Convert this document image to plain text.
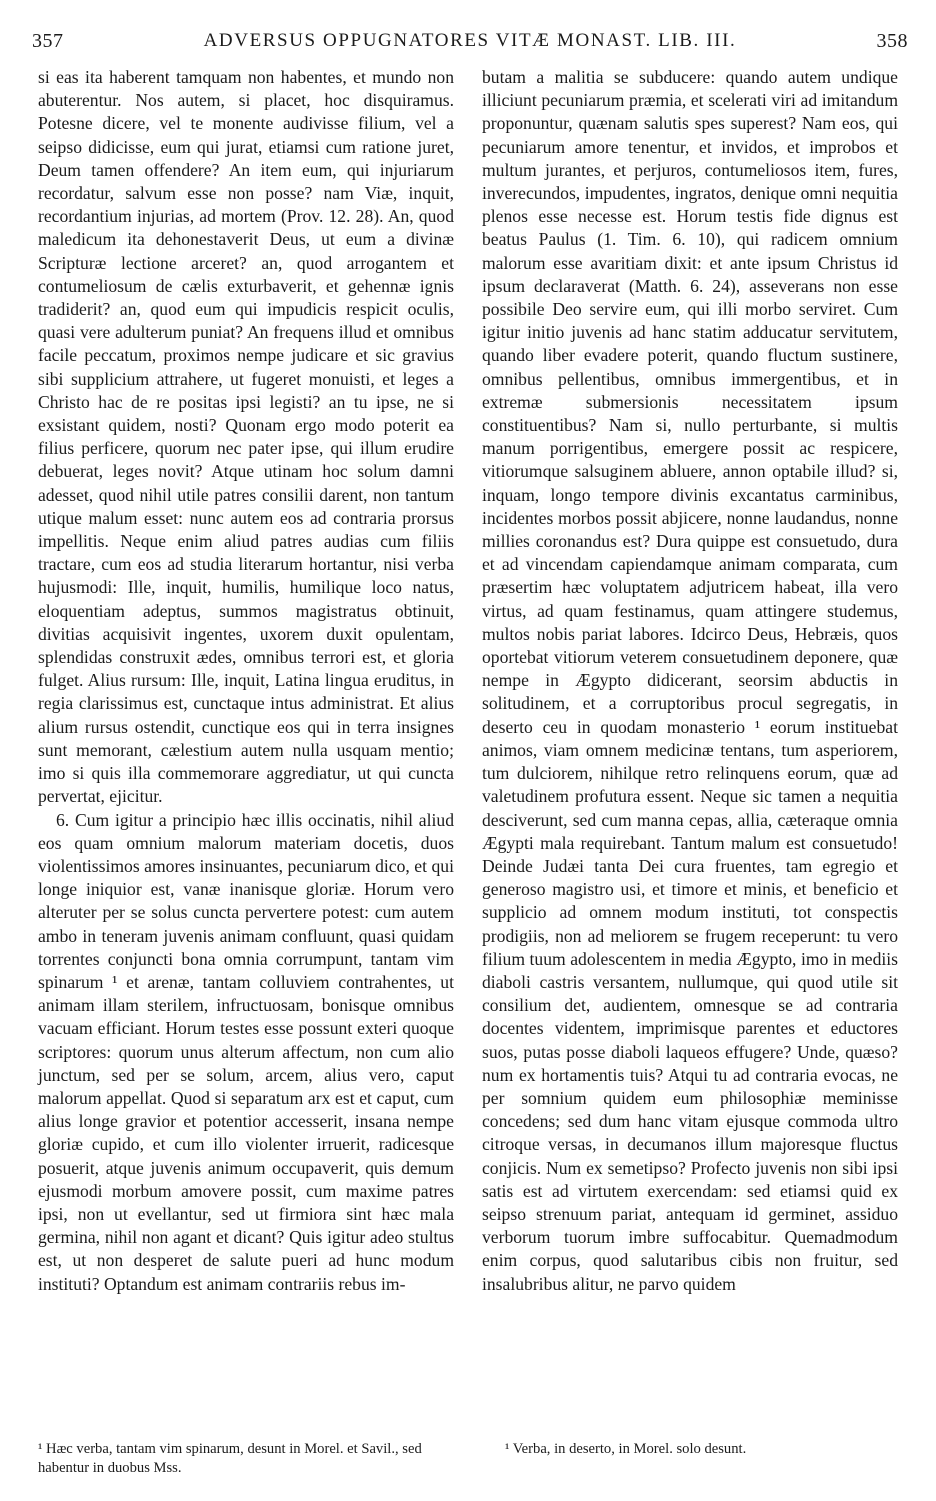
357	ADVERSUS OPPUGNATORES VITÆ MONAST. LIB. III.	358

si eas ita haberent tamquam non habentes, et mundo non abuterentur. Nos autem, si placet, hoc disquiramus. Potesne dicere, vel te monente audivisse filium, vel a seipso didicisse, eum qui jurat, etiamsi cum ratione juret, Deum tamen offendere? An item eum, qui injuriarum recordatur, salvum esse non posse? nam Viæ, inquit, recordantium injurias, ad mortem (Prov. 12. 28). An, quod maledicum ita dehonestaverit Deus, ut eum a divinæ Scripturæ lectione arceret? an, quod arrogantem et contumeliosum de cælis exturbaverit, et gehennæ ignis tradiderit? an, quod eum qui impudicis respicit oculis, quasi vere adulterum puniat? An frequens illud et omnibus facile peccatum, proximos nempe judicare et sic gravius sibi supplicium attrahere, ut fugeret monuisti, et leges a Christo hac de re positas ipsi legisti? an tu ipse, ne si exsistant quidem, nosti? Quonam ergo modo poterit ea filius perficere, quorum nec pater ipse, qui illum erudire debuerat, leges novit? Atque utinam hoc solum damni adesset, quod nihil utile patres consilii darent, non tantum utique malum esset: nunc autem eos ad contraria prorsus impellitis. Neque enim aliud patres audias cum filiis tractare, cum eos ad studia literarum hortantur, nisi verba hujusmodi: Ille, inquit, humilis, humilique loco natus, eloquentiam adeptus, summos magistratus obtinuit, divitias acquisivit ingentes, uxorem duxit opulentam, splendidas construxit ædes, omnibus terrori est, et gloria fulget. Alius rursum: Ille, inquit, Latina lingua eruditus, in regia clarissimus est, cunctaque intus administrat. Et alius alium rursus ostendit, cunctique eos qui in terra insignes sunt memorant, cælestium autem nulla usquam mentio; imo si quis illa commemorare aggrediatur, ut qui cuncta pervertat, ejicitur.

6. Cum igitur a principio hæc illis occinatis, nihil aliud eos quam omnium malorum materiam docetis, duos violentissimos amores insinuantes, pecuniarum dico, et qui longe iniquior est, vanæ inanisque gloriæ. Horum vero alteruter per se solus cuncta pervertere potest: cum autem ambo in teneram juvenis animam confluunt, quasi quidam torrentes conjuncti bona omnia corrumpunt, tantam vim spinarum ¹ et arenæ, tantam colluviem contrahentes, ut animam illam sterilem, infructuosam, bonisque omnibus vacuam efficiant. Horum testes esse possunt exteri quoque scriptores: quorum unus alterum affectum, non cum alio junctum, sed per se solum, arcem, alius vero, caput malorum appellat. Quod si separatum arx est et caput, cum alius longe gravior et potentior accesserit, insana nempe gloriæ cupido, et cum illo violenter irruerit, radicesque posuerit, atque juvenis animum occupaverit, quis demum ejusmodi morbum amovere possit, cum maxime patres ipsi, non ut evellantur, sed ut firmiora sint hæc mala germina, nihil non agant et dicant? Quis igitur adeo stultus est, ut non desperet de salute pueri ad hunc modum instituti? Optandum est animam contrariis rebus im-

butam a malitia se subducere: quando autem undique illiciunt pecuniarum præmia, et scelerati viri ad imitandum proponuntur, quænam salutis spes superest? Nam eos, qui pecuniarum amore tenentur, et invidos, et improbos et multum jurantes, et perjuros, contumeliosos item, fures, inverecundos, impudentes, ingratos, denique omni nequitia plenos esse necesse est. Horum testis fide dignus est beatus Paulus (1. Tim. 6. 10), qui radicem omnium malorum esse avaritiam dixit: et ante ipsum Christus id ipsum declaraverat (Matth. 6. 24), asseverans non esse possibile Deo servire eum, qui illi morbo serviret. Cum igitur initio juvenis ad hanc statim adducatur servitutem, quando liber evadere poterit, quando fluctum sustinere, omnibus pellentibus, omnibus immergentibus, et in extremæ submersionis necessitatem ipsum constituentibus? Nam si, nullo perturbante, si multis manum porrigentibus, emergere possit ac respicere, vitiorumque salsuginem abluere, annon optabile illud? si, inquam, longo tempore divinis excantatus carminibus, incidentes morbos possit abjicere, nonne laudandus, nonne millies coronandus est? Dura quippe est consuetudo, dura et ad vincendam capiendamque animam comparata, cum præsertim hæc voluptatem adjutricem habeat, illa vero virtus, ad quam festinamus, quam attingere studemus, multos nobis pariat labores. Idcirco Deus, Hebræis, quos oportebat vitiorum veterem consuetudinem deponere, quæ nempe in Ægypto didicerant, seorsim abductis in solitudinem, et a corruptoribus procul segregatis, in deserto ceu in quodam monasterio ¹ eorum instituebat animos, viam omnem medicinæ tentans, tum asperiorem, tum dulciorem, nihilque retro relinquens eorum, quæ ad valetudinem profutura essent. Neque sic tamen a nequitia desciverunt, sed cum manna cepas, allia, cæteraque omnia Ægypti mala requirebant. Tantum malum est consuetudo! Deinde Judæi tanta Dei cura fruentes, tam egregio et generoso magistro usi, et timore et minis, et beneficio et supplicio ad omnem modum instituti, tot conspectis prodigiis, non ad meliorem se frugem receperunt: tu vero filium tuum adolescentem in media Ægypto, imo in mediis diaboli castris versantem, nullumque, qui quod utile sit consilium det, audientem, omnesque se ad contraria docentes videntem, imprimisque parentes et eductores suos, putas posse diaboli laqueos effugere? Unde, quæso? num ex hortamentis tuis? Atqui tu ad contraria evocas, ne per somnium quidem eum philosophiæ meminisse concedens; sed dum hanc vitam ejusque commoda ultro citroque versas, in decumanos illum majoresque fluctus conjicis. Num ex semetipso? Profecto juvenis non sibi ipsi satis est ad virtutem exercendam: sed etiamsi quid ex seipso strenuum pariat, antequam id germinet, assiduo verborum tuorum imbre suffocabitur. Quemadmodum enim corpus, quod salutaribus cibis non fruitur, sed insalubribus alitur, ne parvo quidem

¹ Hæc verba, tantam vim spinarum, desunt in Morel. et Savil., sed habentur in duobus Mss.
¹ Verba, in deserto, in Morel. solo desunt.
